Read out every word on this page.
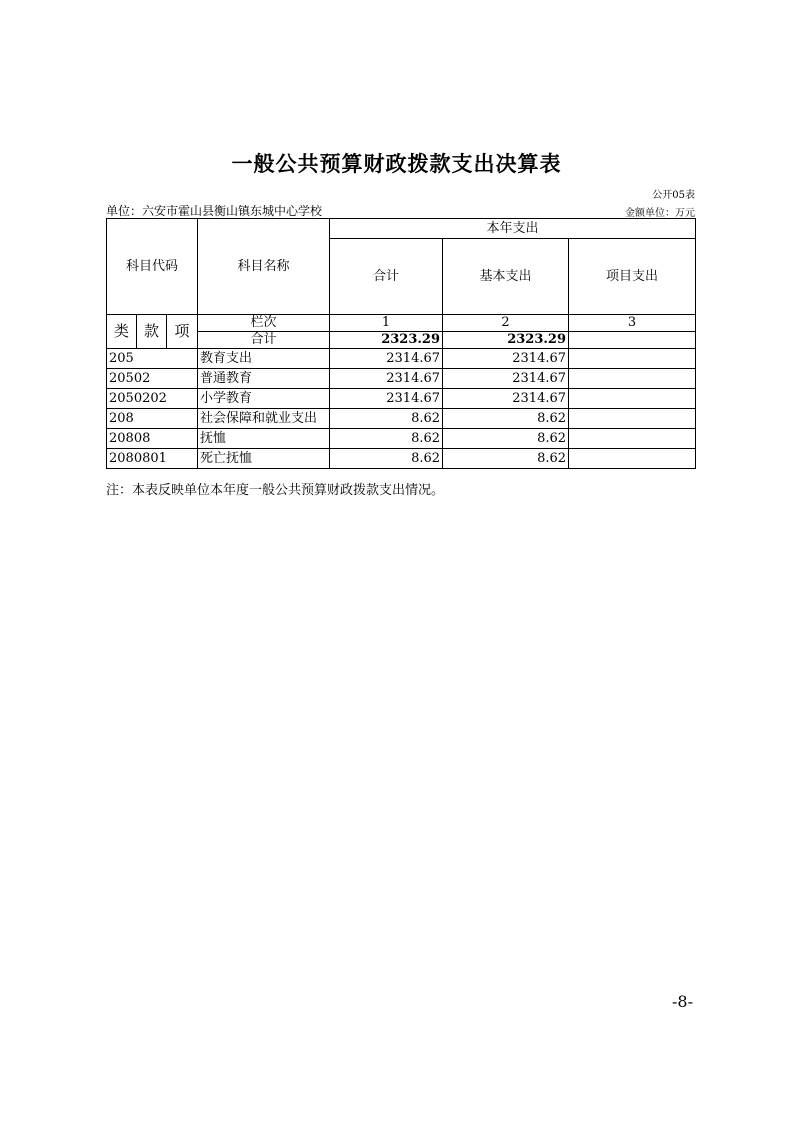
一般公共预算财政拨款支出决算表
公开05表
单位：六安市霍山县衡山镇东城中心学校	金额单位：万元
科目代码			科目名称	本年支出		
				合计	基本支出	项目支出
类	款	项	栏次	1	2	3
			合计	2323.29	2323.29	
205			教育支出	2314.67	2314.67	
20502			普通教育	2314.67	2314.67	
2050202			小学教育	2314.67	2314.67	
208			社会保障和就业支出	8.62	8.62	
20808			抚恤	8.62	8.62	
2080801			死亡抚恤	8.62	8.62	
注：本表反映单位本年度一般公共预算财政拨款支出情况。
-8-
